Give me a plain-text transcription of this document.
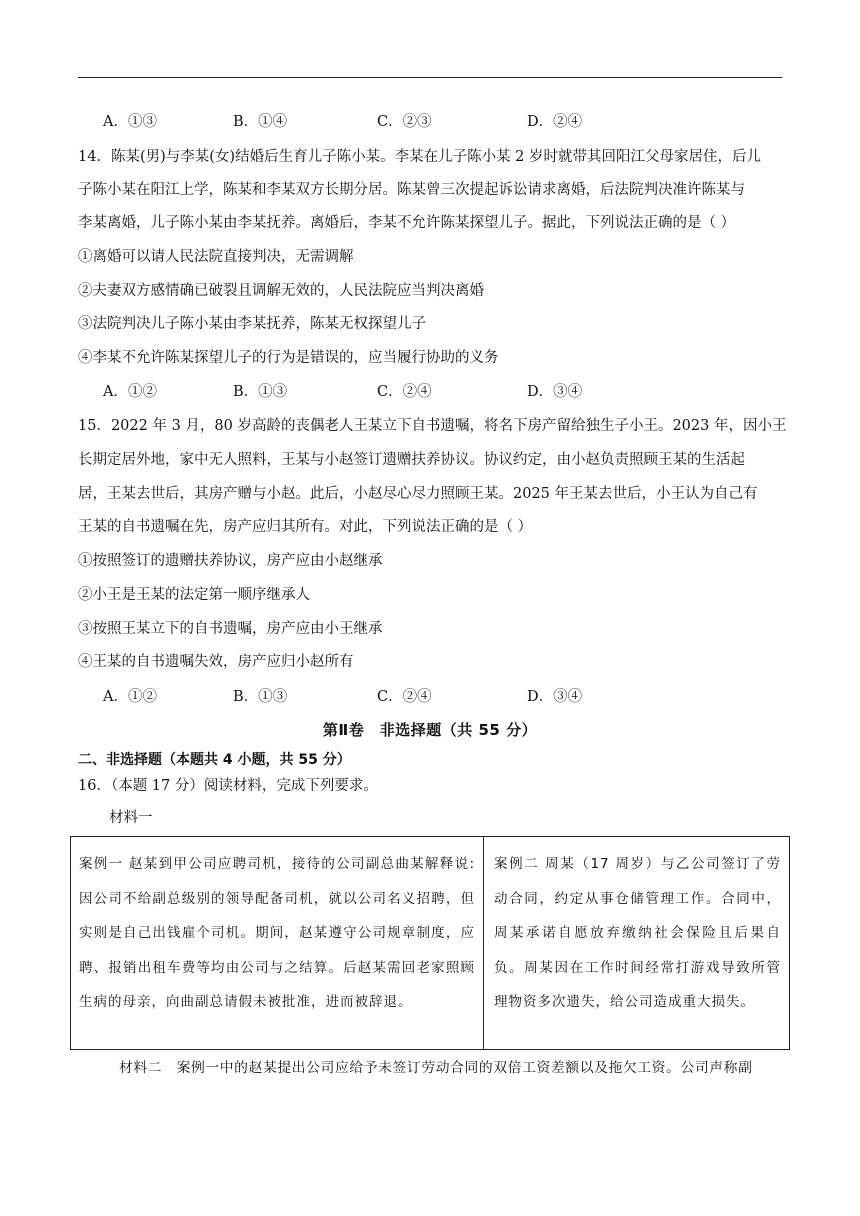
A．①③	B．①④	C．②③	D．②④
14．陈某(男)与李某(女)结婚后生育儿子陈小某。李某在儿子陈小某 2 岁时就带其回阳江父母家居住，后儿
子陈小某在阳江上学，陈某和李某双方长期分居。陈某曾三次提起诉讼请求离婚，后法院判决准许陈某与
李某离婚，儿子陈小某由李某抚养。离婚后，李某不允许陈某探望儿子。据此，下列说法正确的是（ ）
①离婚可以请人民法院直接判决，无需调解
②夫妻双方感情确已破裂且调解无效的，人民法院应当判决离婚
③法院判决儿子陈小某由李某抚养，陈某无权探望儿子
④李某不允许陈某探望儿子的行为是错误的，应当履行协助的义务
A．①②	B．①③	C．②④	D．③④
15．2022 年 3 月，80 岁高龄的丧偶老人王某立下自书遗嘱，将名下房产留给独生子小王。2023 年，因小王
长期定居外地，家中无人照料，王某与小赵签订遗赠扶养协议。协议约定，由小赵负责照顾王某的生活起
居，王某去世后，其房产赠与小赵。此后，小赵尽心尽力照顾王某。2025 年王某去世后，小王认为自己有
王某的自书遗嘱在先，房产应归其所有。对此，下列说法正确的是（ ）
①按照签订的遗赠扶养协议，房产应由小赵继承
②小王是王某的法定第一顺序继承人
③按照王某立下的自书遗嘱，房产应由小王继承
④王某的自书遗嘱失效，房产应归小赵所有
A．①②	B．①③	C．②④	D．③④
第Ⅱ卷　非选择题（共 55 分）
二、非选择题（本题共 4 小题，共 55 分）
16．（本题 17 分）阅读材料，完成下列要求。
材料一
案例一 赵某到甲公司应聘司机，接待的公司副总曲某解释说:因公司不给副总级别的领导配备司机，就以公司名义招聘，但实则是自己出钱雇个司机。期间，赵某遵守公司规章制度，应聘、报销出租车费等均由公司与之结算。后赵某需回老家照顾生病的母亲，向曲副总请假未被批准，进而被辞退。
案例二 周某（17 周岁）与乙公司签订了劳动合同，约定从事仓储管理工作。合同中，周某承诺自愿放弃缴纳社会保险且后果自负。周某因在工作时间经常打游戏导致所管理物资多次遗失，给公司造成重大损失。
材料二　案例一中的赵某提出公司应给予未签订劳动合同的双倍工资差额以及拖欠工资。公司声称副
